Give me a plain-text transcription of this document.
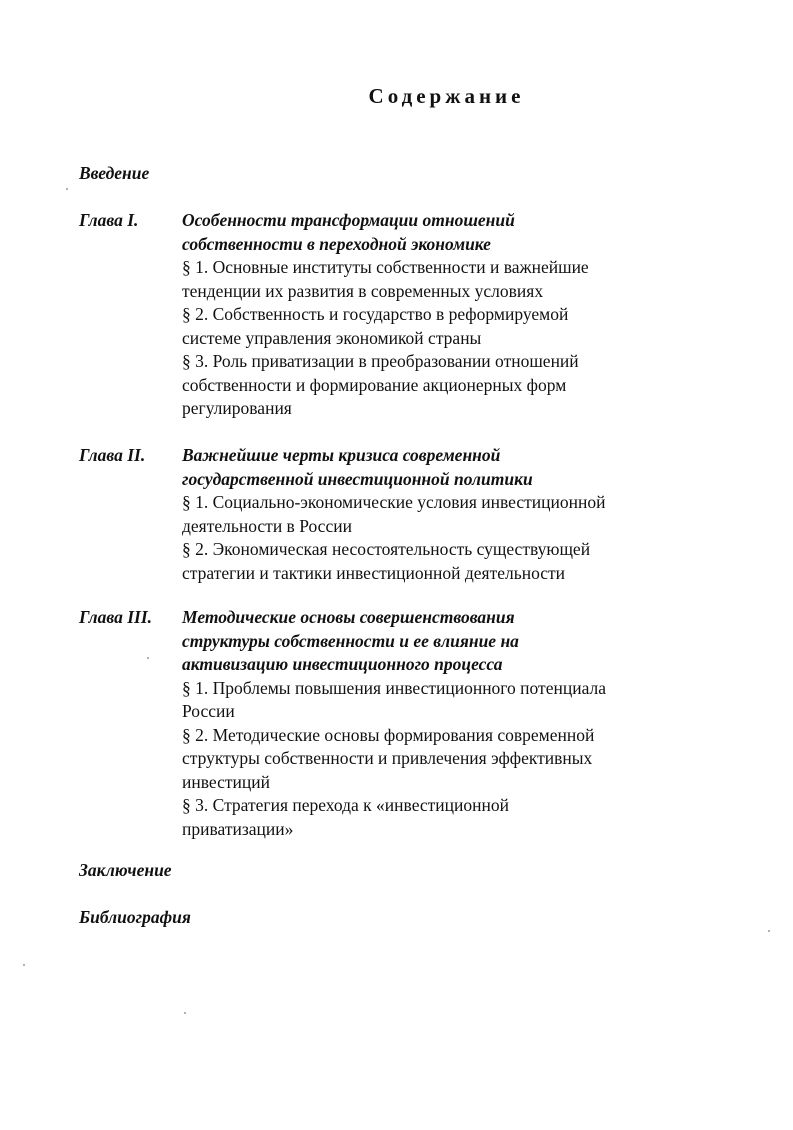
Содержание
Введение
Глава I. Особенности трансформации отношений
собственности в переходной экономике
§ 1. Основные институты собственности и важнейшие
тенденции их развития в современных условиях
§ 2. Собственность и государство в реформируемой
системе управления экономикой страны
§ 3. Роль приватизации в преобразовании отношений
собственности и формирование акционерных форм
регулирования
Глава II. Важнейшие черты кризиса современной
государственной инвестиционной политики
§ 1. Социально-экономические условия инвестиционной
деятельности в России
§ 2. Экономическая несостоятельность существующей
стратегии и тактики инвестиционной деятельности
Глава III. Методические основы совершенствования
структуры собственности и ее влияние на
активизацию инвестиционного процесса
§ 1. Проблемы повышения инвестиционного потенциала
России
§ 2. Методические основы формирования современной
структуры собственности и привлечения эффективных
инвестиций
§ 3. Стратегия перехода к «инвестиционной
приватизации»
Заключение
Библиография
